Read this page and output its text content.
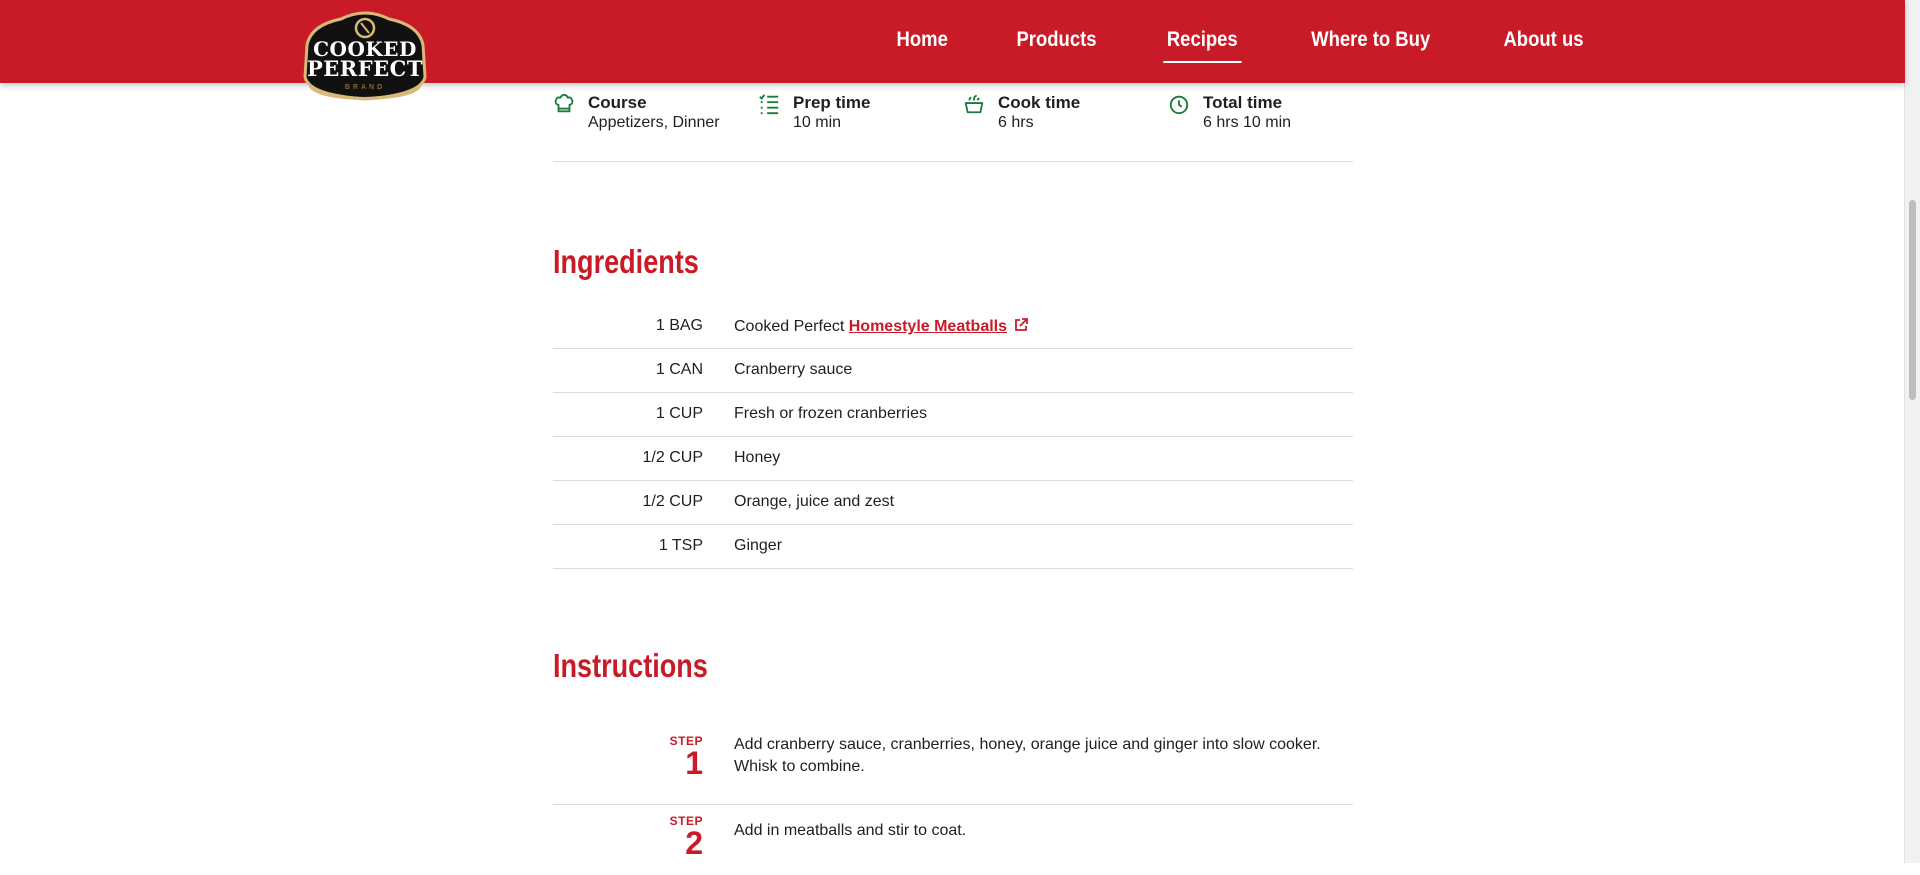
COOKED
PERFECT
BRAND
Home	Products	Recipes	Where to Buy	About us
Course
Appetizers, Dinner
Prep time
10 min
Cook time
6 hrs
Total time
6 hrs 10 min
Ingredients
1 BAG Cooked Perfect Homestyle Meatballs
1 CAN Cranberry sauce
1 CUP Fresh or frozen cranberries
1/2 CUP Honey
1/2 CUP Orange, juice and zest
1 TSP Ginger
Instructions
STEP
1
Add cranberry sauce, cranberries, honey, orange juice and ginger into slow cooker. Whisk to combine.
STEP
2 Add in meatballs and stir to coat.
